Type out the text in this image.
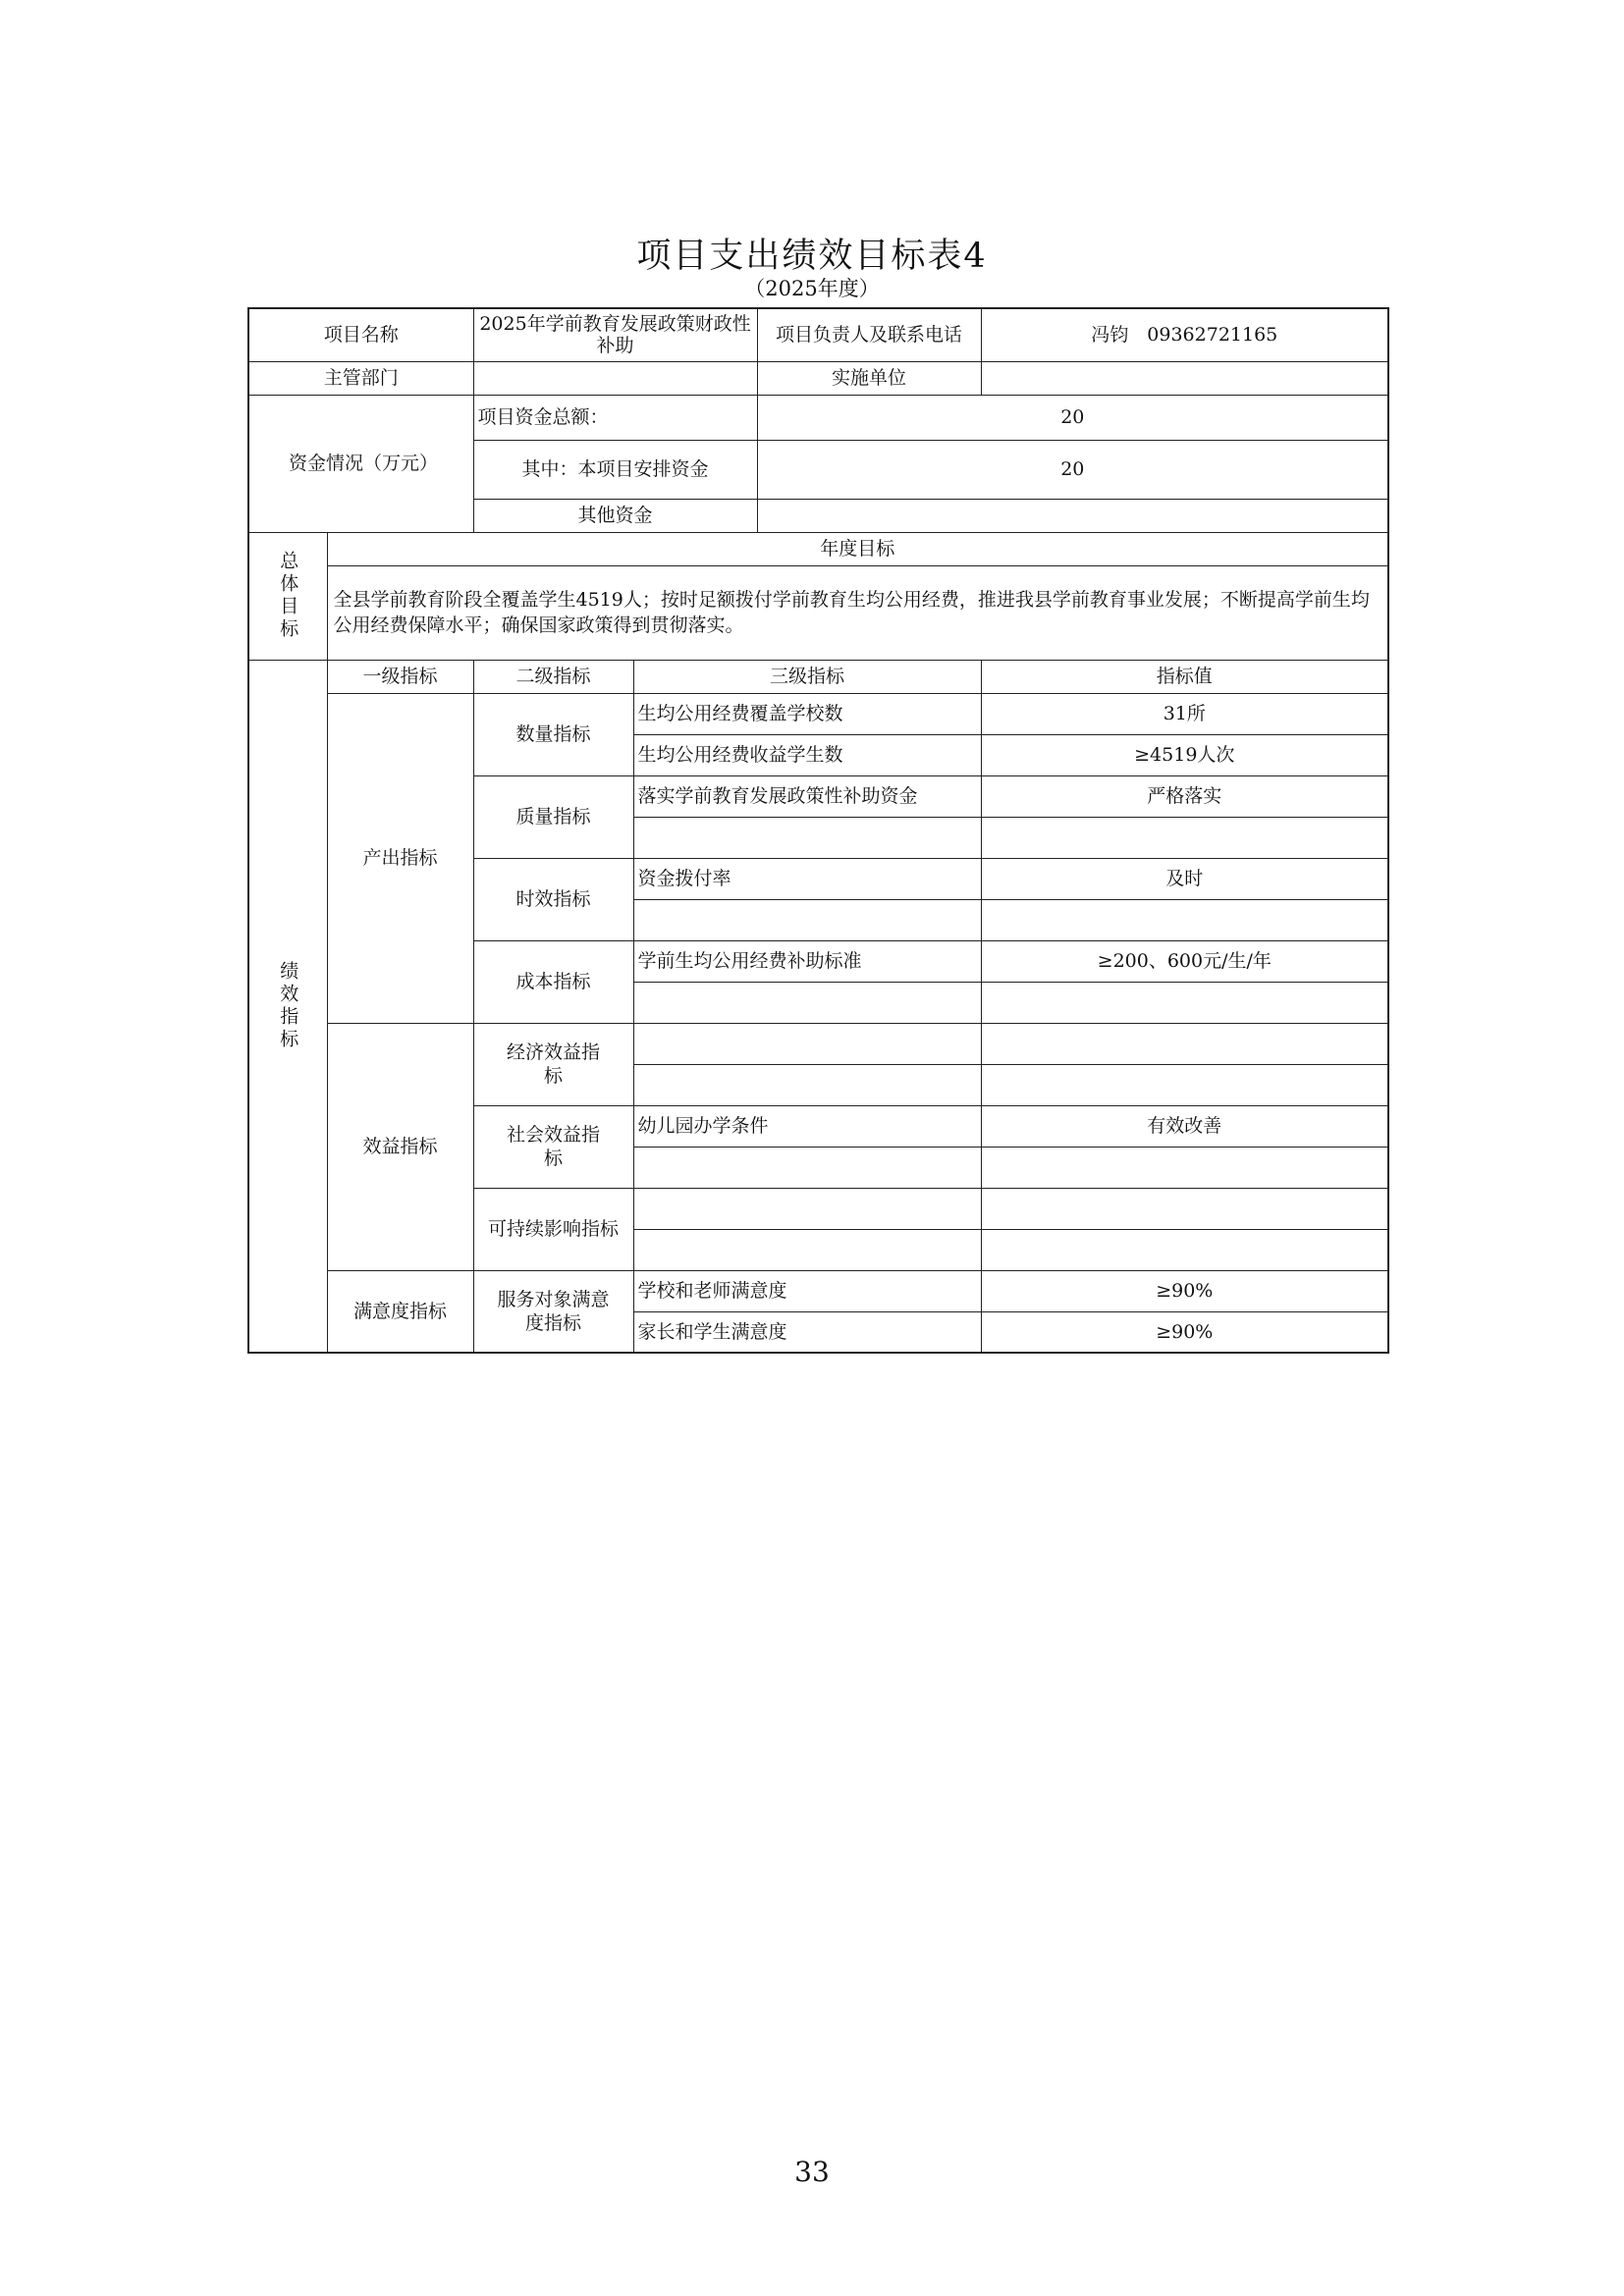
项目支出绩效目标表4
（2025年度）
项目名称		2025年学前教育发展政策财政性补助		项目负责人及联系电话	冯钧　09362721165
主管部门				实施单位	
资金情况（万元）		项目资金总额：		20	
		其中：本项目安排资金		20	
		其他资金			

总体目标	年度目标				
	全县学前教育阶段全覆盖学生4519人；按时足额拨付学前教育生均公用经费，推进我县学前教育事业发展；不断提高学前生均公用经费保障水平；确保国家政策得到贯彻落实。				

绩效指标	一级指标	二级指标	三级指标		指标值
	产出指标	数量指标	生均公用经费覆盖学校数		31所
			生均公用经费收益学生数		≥4519人次
		质量指标	落实学前教育发展政策性补助资金		严格落实

		时效指标	资金拨付率		及时

		成本指标	学前生均公用经费补助标准		≥200、600元/生/年

	效益指标	经济效益指标			

		社会效益指标	幼儿园办学条件		有效改善

		可持续影响指标			

	满意度指标	服务对象满意度指标	学校和老师满意度		≥90%
			家长和学生满意度		≥90%
33
